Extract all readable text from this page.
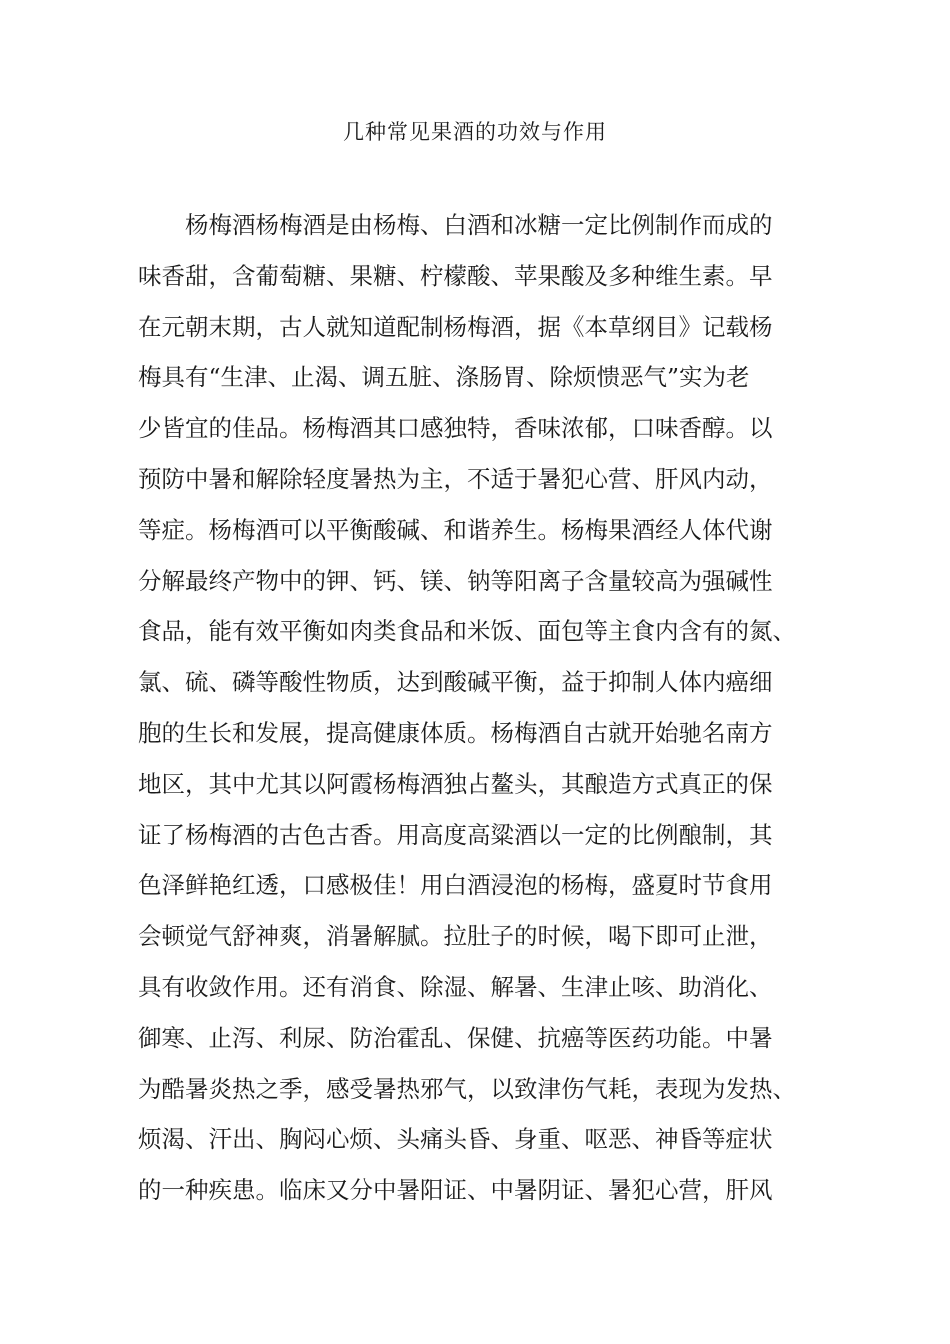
几种常见果酒的功效与作用
杨梅酒杨梅酒是由杨梅、白酒和冰糖一定比例制作而成的
味香甜，含葡萄糖、果糖、柠檬酸、苹果酸及多种维生素。早
在元朝末期，古人就知道配制杨梅酒，据《本草纲目》记载杨
梅具有“生津、止渴、调五脏、涤肠胃、除烦愦恶气”实为老
少皆宜的佳品。杨梅酒其口感独特，香味浓郁，口味香醇。以
预防中暑和解除轻度暑热为主，不适于暑犯心营、肝风内动，
等症。杨梅酒可以平衡酸碱、和谐养生。杨梅果酒经人体代谢
分解最终产物中的钾、钙、镁、钠等阳离子含量较高为强碱性
食品，能有效平衡如肉类食品和米饭、面包等主食内含有的氮、
氯、硫、磷等酸性物质，达到酸碱平衡，益于抑制人体内癌细
胞的生长和发展，提高健康体质。杨梅酒自古就开始驰名南方
地区，其中尤其以阿霞杨梅酒独占鳌头，其酿造方式真正的保
证了杨梅酒的古色古香。用高度高粱酒以一定的比例酿制，其
色泽鲜艳红透，口感极佳！用白酒浸泡的杨梅，盛夏时节食用
会顿觉气舒神爽，消暑解腻。拉肚子的时候，喝下即可止泄，
具有收敛作用。还有消食、除湿、解暑、生津止咳、助消化、
御寒、止泻、利尿、防治霍乱、保健、抗癌等医药功能。中暑
为酷暑炎热之季，感受暑热邪气，以致津伤气耗，表现为发热、
烦渴、汗出、胸闷心烦、头痛头昏、身重、呕恶、神昏等症状
的一种疾患。临床又分中暑阳证、中暑阴证、暑犯心营，肝风
